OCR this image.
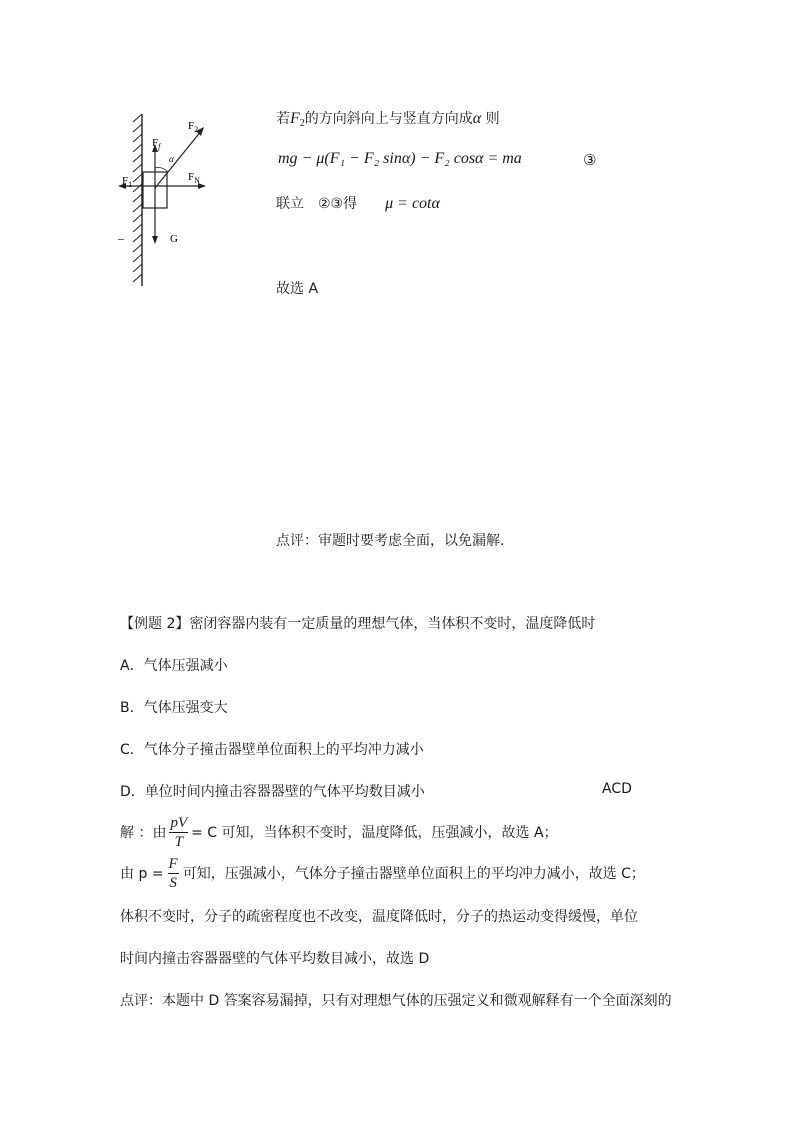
$F_2$
$F_f$
α
$F_N$
$F_1$
G
–
若$F_2$的方向斜向上与竖直方向成α 则
mg − μ(F₁ − F₂ sinα) − F₂ cosα = ma	③
联立　②③得 μ = cotα
故选 A
点评：审题时要考虑全面，以免漏解.
【例题 2】密闭容器内装有一定质量的理想气体，当体积不变时，温度降低时
A．气体压强减小
B．气体压强变大
C．气体分子撞击器壁单位面积上的平均冲力减小
D．单位时间内撞击容器器壁的气体平均数目减小	ACD
解 ：由 $\frac{pV}{T} = C$ 可知，当体积不变时，温度降低，压强减小，故选 A；
由 $p = \frac{F}{S}$ 可知，压强减小，气体分子撞击器壁单位面积上的平均冲力减小，故选 C；
体积不变时，分子的疏密程度也不改变，温度降低时，分子的热运动变得缓慢，单位
时间内撞击容器器壁的气体平均数目减小，故选 D
点评：本题中 D 答案容易漏掉，只有对理想气体的压强定义和微观解释有一个全面深刻的
